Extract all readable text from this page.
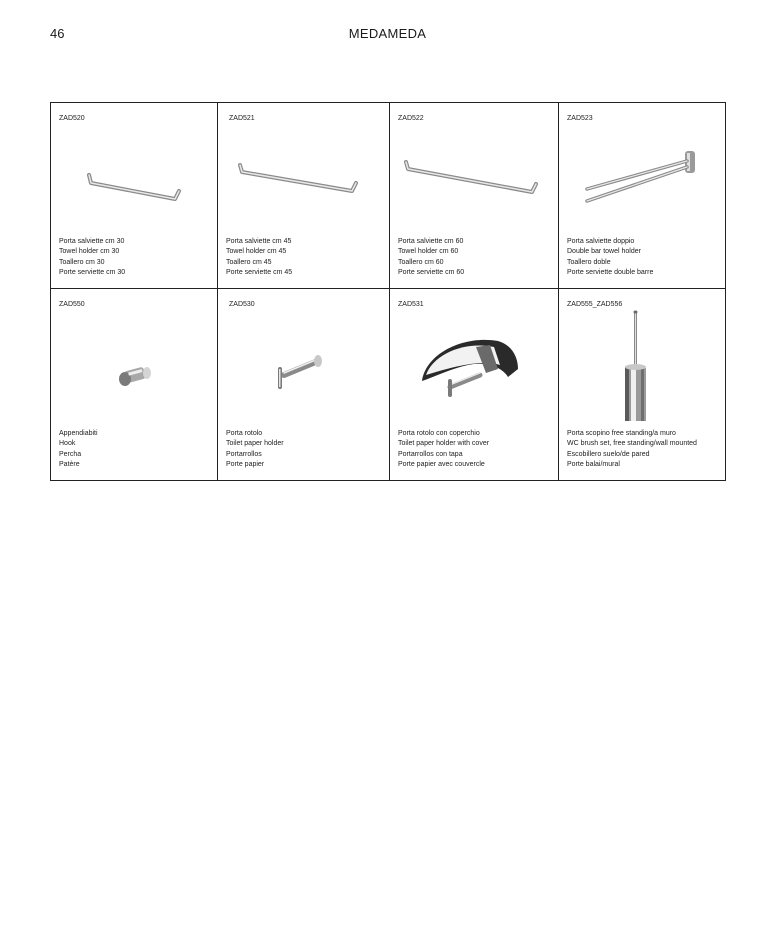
46	MEDAMEDA
ZAD520
Porta salviette cm 30
Towel holder cm 30
Toallero cm 30
Porte serviette cm 30
ZAD521
Porta salviette cm 45
Towel holder cm 45
Toallero cm 45
Porte serviette cm 45
ZAD522
Porta salviette cm 60
Towel holder cm 60
Toallero cm 60
Porte serviette cm 60
ZAD523
Porta salviette doppio
Double bar towel holder
Toallero doble
Porte serviette double barre
ZAD550
Appendiabiti
Hook
Percha
Patère
ZAD530
Porta rotolo
Toilet paper holder
Portarrollos
Porte papier
ZAD531
Porta rotolo con coperchio
Toilet paper holder with cover
Portarrollos con tapa
Porte papier avec couvercle
ZAD555_ZAD556
Porta scopino free standing/a muro
WC brush set, free standing/wall mounted
Escobillero suelo/de pared
Porte balai/mural
